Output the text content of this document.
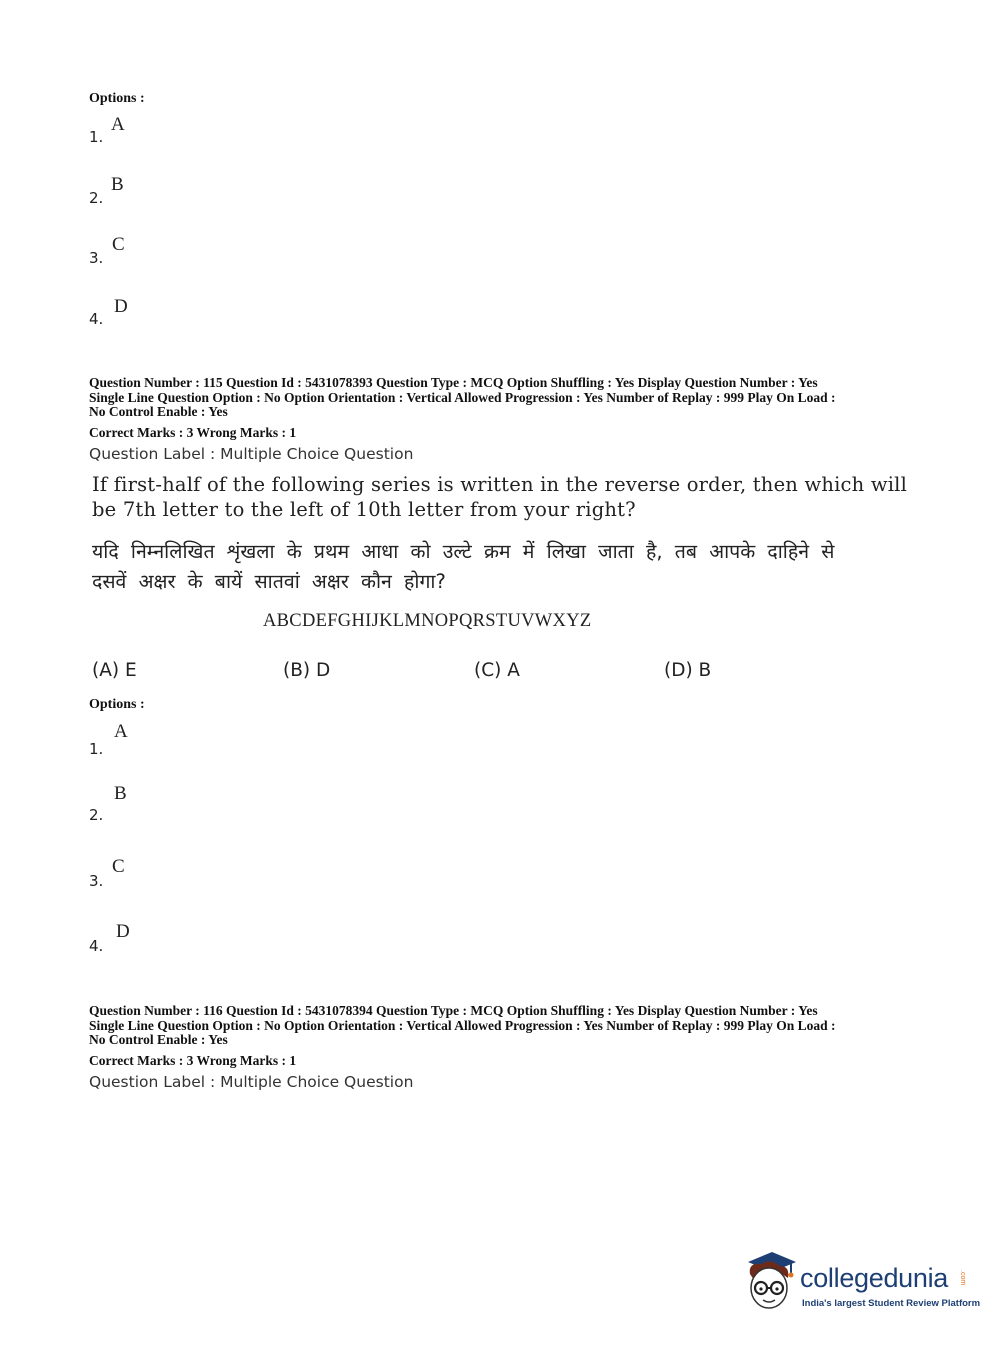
Options :
1.
A
2.
B
3.
C
4.
D
Question Number : 115 Question Id : 5431078393 Question Type : MCQ Option Shuffling : Yes Display Question Number : Yes
Single Line Question Option : No Option Orientation : Vertical Allowed Progression : Yes Number of Replay : 999 Play On Load :
No Control Enable : Yes
Correct Marks : 3 Wrong Marks : 1
Question Label : Multiple Choice Question
If first-half of the following series is written in the reverse order, then which will
be 7th letter to the left of 10th letter from your right?
यदि निम्नलिखित शृंखला के प्रथम आधा को उल्टे क्रम में लिखा जाता है, तब आपके दाहिने से
दसवें अक्षर के बायें सातवां अक्षर कौन होगा?
ABCDEFGHIJKLMNOPQRSTUVWXYZ
(A) E	(B) D	(C) A	(D) B
Options :
1.
A
2.
B
3.
C
4.
D
Question Number : 116 Question Id : 5431078394 Question Type : MCQ Option Shuffling : Yes Display Question Number : Yes
Single Line Question Option : No Option Orientation : Vertical Allowed Progression : Yes Number of Replay : 999 Play On Load :
No Control Enable : Yes
Correct Marks : 3 Wrong Marks : 1
Question Label : Multiple Choice Question
collegedunia .com
India's largest Student Review Platform
